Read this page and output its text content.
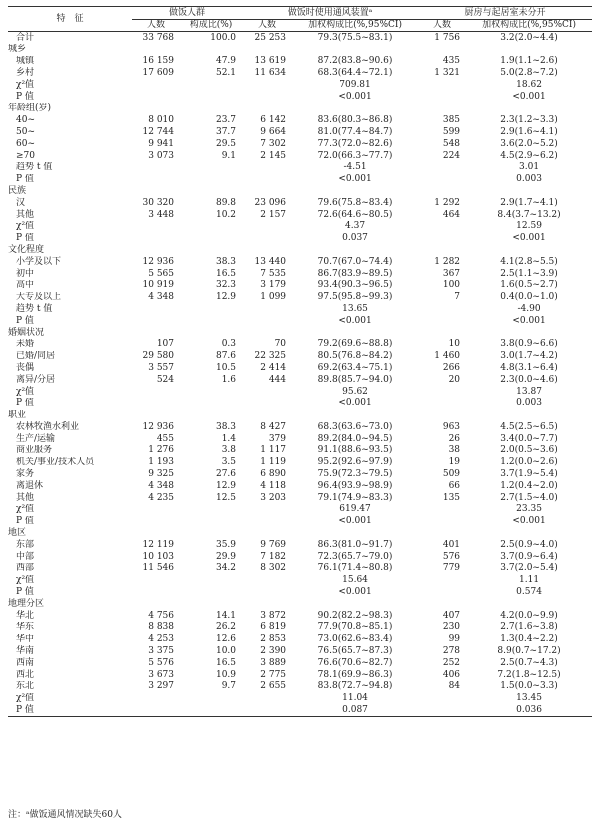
特　征	做饭人群		做饭时使用通风装置ᵃ		厨房与起居室未分开	
	人数	构成比(%)	人数	加权构成比(%,95%CI)	人数	加权构成比(%,95%CI)
合计	33 768	100.0	25 253	79.3(75.5~83.1)	1 756	3.2(2.0~4.4)
城乡						
城镇	16 159	47.9	13 619	87.2(83.8~90.6)	435	1.9(1.1~2.6)
乡村	17 609	52.1	11 634	68.3(64.4~72.1)	1 321	5.0(2.8~7.2)
χ²值				709.81		18.62
P 值				<0.001		<0.001
年龄组(岁)						
40~	8 010	23.7	6 142	83.6(80.3~86.8)	385	2.3(1.2~3.3)
50~	12 744	37.7	9 664	81.0(77.4~84.7)	599	2.9(1.6~4.1)
60~	9 941	29.5	7 302	77.3(72.0~82.6)	548	3.6(2.0~5.2)
≥70	3 073	9.1	2 145	72.0(66.3~77.7)	224	4.5(2.9~6.2)
趋势 t 值				-4.51		3.01
P 值				<0.001		0.003
民族						
汉	30 320	89.8	23 096	79.6(75.8~83.4)	1 292	2.9(1.7~4.1)
其他	3 448	10.2	2 157	72.6(64.6~80.5)	464	8.4(3.7~13.2)
χ²值				4.37		12.59
P 值				0.037		<0.001
文化程度						
小学及以下	12 936	38.3	13 440	70.7(67.0~74.4)	1 282	4.1(2.8~5.5)
初中	5 565	16.5	7 535	86.7(83.9~89.5)	367	2.5(1.1~3.9)
高中	10 919	32.3	3 179	93.4(90.3~96.5)	100	1.6(0.5~2.7)
大专及以上	4 348	12.9	1 099	97.5(95.8~99.3)	7	0.4(0.0~1.0)
趋势 t 值				13.65		-4.90
P 值				<0.001		<0.001
婚姻状况						
未婚	107	0.3	70	79.2(69.6~88.8)	10	3.8(0.9~6.6)
已婚/同居	29 580	87.6	22 325	80.5(76.8~84.2)	1 460	3.0(1.7~4.2)
丧偶	3 557	10.5	2 414	69.2(63.4~75.1)	266	4.8(3.1~6.4)
离异/分居	524	1.6	444	89.8(85.7~94.0)	20	2.3(0.0~4.6)
χ²值				95.62		13.87
P 值				<0.001		0.003
职业						
农林牧渔水利业	12 936	38.3	8 427	68.3(63.6~73.0)	963	4.5(2.5~6.5)
生产/运输	455	1.4	379	89.2(84.0~94.5)	26	3.4(0.0~7.7)
商业服务	1 276	3.8	1 117	91.1(88.6~93.5)	38	2.0(0.5~3.6)
机关/事业/技术人员	1 193	3.5	1 119	95.2(92.6~97.9)	19	1.2(0.0~2.6)
家务	9 325	27.6	6 890	75.9(72.3~79.5)	509	3.7(1.9~5.4)
离退休	4 348	12.9	4 118	96.4(93.9~98.9)	66	1.2(0.4~2.0)
其他	4 235	12.5	3 203	79.1(74.9~83.3)	135	2.7(1.5~4.0)
χ²值				619.47		23.35
P 值				<0.001		<0.001
地区						
东部	12 119	35.9	9 769	86.3(81.0~91.7)	401	2.5(0.9~4.0)
中部	10 103	29.9	7 182	72.3(65.7~79.0)	576	3.7(0.9~6.4)
西部	11 546	34.2	8 302	76.1(71.4~80.8)	779	3.7(2.0~5.4)
χ²值				15.64		1.11
P 值				<0.001		0.574
地理分区						
华北	4 756	14.1	3 872	90.2(82.2~98.3)	407	4.2(0.0~9.9)
华东	8 838	26.2	6 819	77.9(70.8~85.1)	230	2.7(1.6~3.8)
华中	4 253	12.6	2 853	73.0(62.6~83.4)	99	1.3(0.4~2.2)
华南	3 375	10.0	2 390	76.5(65.7~87.3)	278	8.9(0.7~17.2)
西南	5 576	16.5	3 889	76.6(70.6~82.7)	252	2.5(0.7~4.3)
西北	3 673	10.9	2 775	78.1(69.9~86.3)	406	7.2(1.8~12.5)
东北	3 297	9.7	2 655	83.8(72.7~94.8)	84	1.5(0.0~3.3)
χ²值				11.04		13.45
P 值				0.087		0.036
注：ᵃ做饭通风情况缺失60人
